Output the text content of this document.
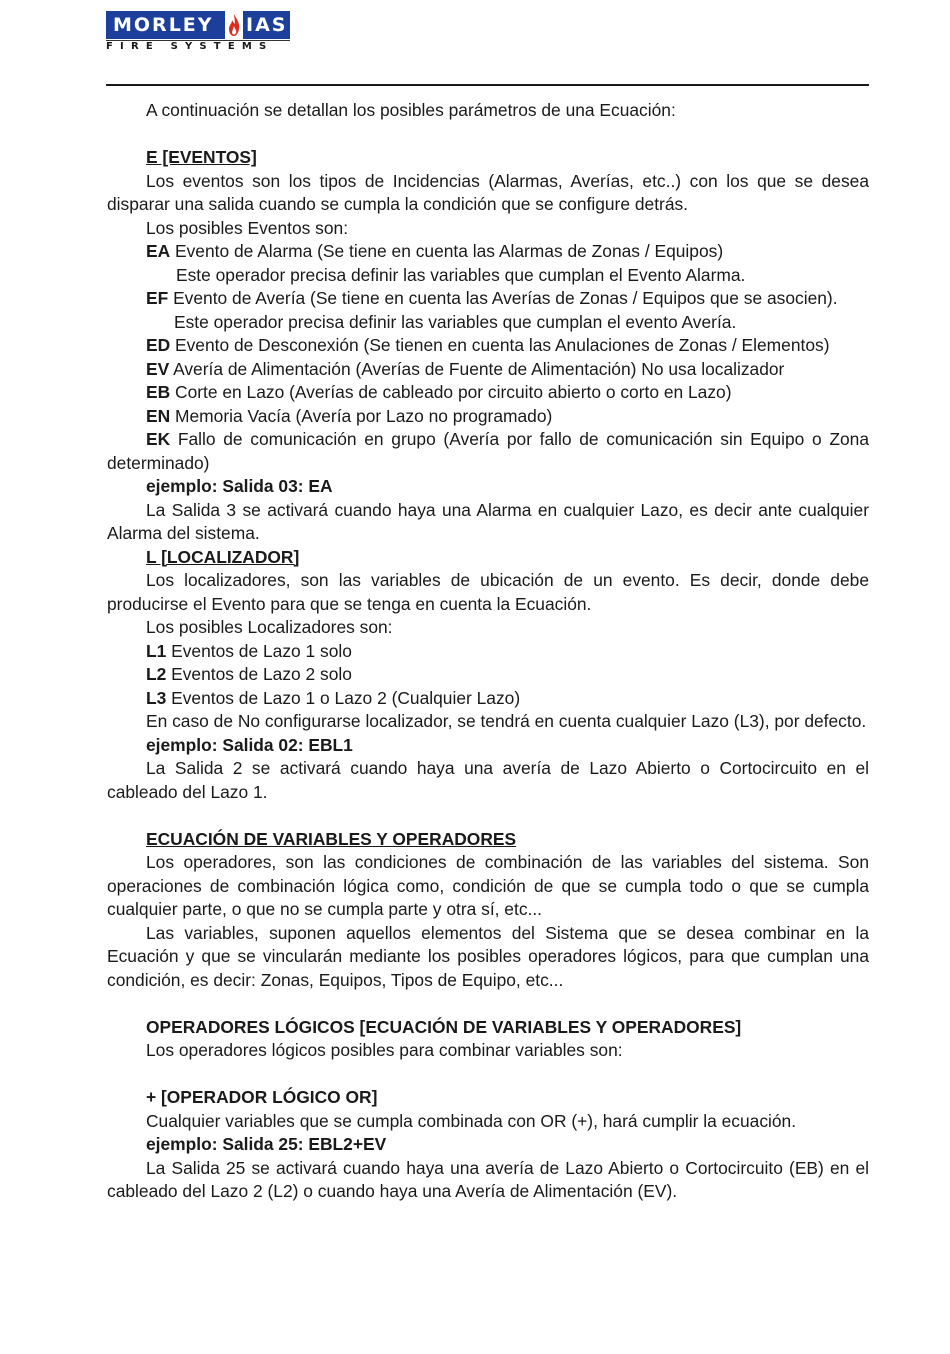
MORLEY IAS
FIRE SYSTEMS

A continuación se detallan los posibles parámetros de una Ecuación:

E [EVENTOS]

Los eventos son los tipos de Incidencias (Alarmas, Averías, etc..) con los que se desea disparar una salida cuando se cumpla la condición que se configure detrás.

Los posibles Eventos son:

EA Evento de Alarma (Se tiene en cuenta las Alarmas de Zonas / Equipos)

Este operador precisa definir las variables que cumplan el Evento Alarma.

EF Evento de Avería (Se tiene en cuenta las Averías de Zonas / Equipos que se asocien).

Este operador precisa definir las variables que cumplan el evento Avería.

ED Evento de Desconexión (Se tienen en cuenta las Anulaciones de Zonas / Elementos)

EV Avería de Alimentación (Averías de Fuente de Alimentación) No usa localizador

EB Corte en Lazo (Averías de cableado por circuito abierto o corto en Lazo)

EN Memoria Vacía (Avería por Lazo no programado)

EK Fallo de comunicación en grupo (Avería por fallo de comunicación sin Equipo o Zona determinado)

ejemplo: Salida 03: EA

La Salida 3 se activará cuando haya una Alarma en cualquier Lazo, es decir ante cualquier Alarma del sistema.

L [LOCALIZADOR]

Los localizadores, son las variables de ubicación de un evento. Es decir, donde debe producirse el Evento para que se tenga en cuenta la Ecuación.

Los posibles Localizadores son:

L1 Eventos de Lazo 1 solo

L2 Eventos de Lazo 2 solo

L3 Eventos de Lazo 1 o Lazo 2 (Cualquier Lazo)

En caso de No configurarse localizador, se tendrá en cuenta cualquier Lazo (L3), por defecto.

ejemplo: Salida 02: EBL1

La Salida 2 se activará cuando haya una avería de Lazo Abierto o Cortocircuito en el cableado del Lazo 1.

ECUACIÓN DE VARIABLES Y OPERADORES

Los operadores, son las condiciones de combinación de las variables del sistema. Son operaciones de combinación lógica como, condición de que se cumpla todo o que se cumpla cualquier parte, o que no se cumpla parte y otra sí, etc...

Las variables, suponen aquellos elementos del Sistema que se desea combinar en la Ecuación y que se vincularán mediante los posibles operadores lógicos, para que cumplan una condición, es decir: Zonas, Equipos, Tipos de Equipo, etc...

OPERADORES LÓGICOS [ECUACIÓN DE VARIABLES Y OPERADORES]

Los operadores lógicos posibles para combinar variables son:

+ [OPERADOR LÓGICO OR]

Cualquier variables que se cumpla combinada con OR (+), hará cumplir la ecuación.

ejemplo: Salida 25: EBL2+EV

La Salida 25 se activará cuando haya una avería de Lazo Abierto o Cortocircuito (EB) en el cableado del Lazo 2 (L2) o cuando haya una Avería de Alimentación (EV).
